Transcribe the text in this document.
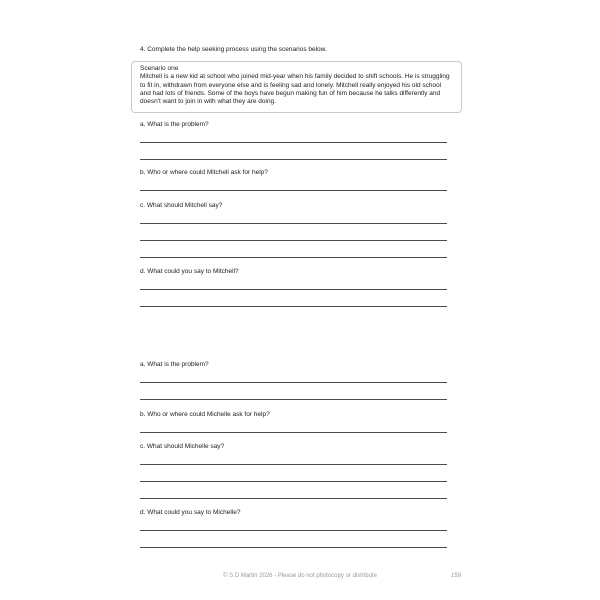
4. Complete the help seeking process using the scenarios below.
Scenario one
Mitchell is a new kid at school who joined mid-year when his family decided to shift schools. He is struggling to fit in, withdrawn from everyone else and is feeling sad and lonely. Mitchell really enjoyed his old school and had lots of friends. Some of the boys have begun making fun of him because he talks differently and doesn't want to join in with what they are doing.
a. What is the problem?
b. Who or where could Mitchell ask for help?
c. What should Mitchell say?
d. What could you say to Mitchell?
a. What is the problem?
b. Who or where could Michelle ask for help?
c. What should Michelle say?
d. What could you say to Michelle?
© S D Martin 2026 - Please do not photocopy or distribute	159
